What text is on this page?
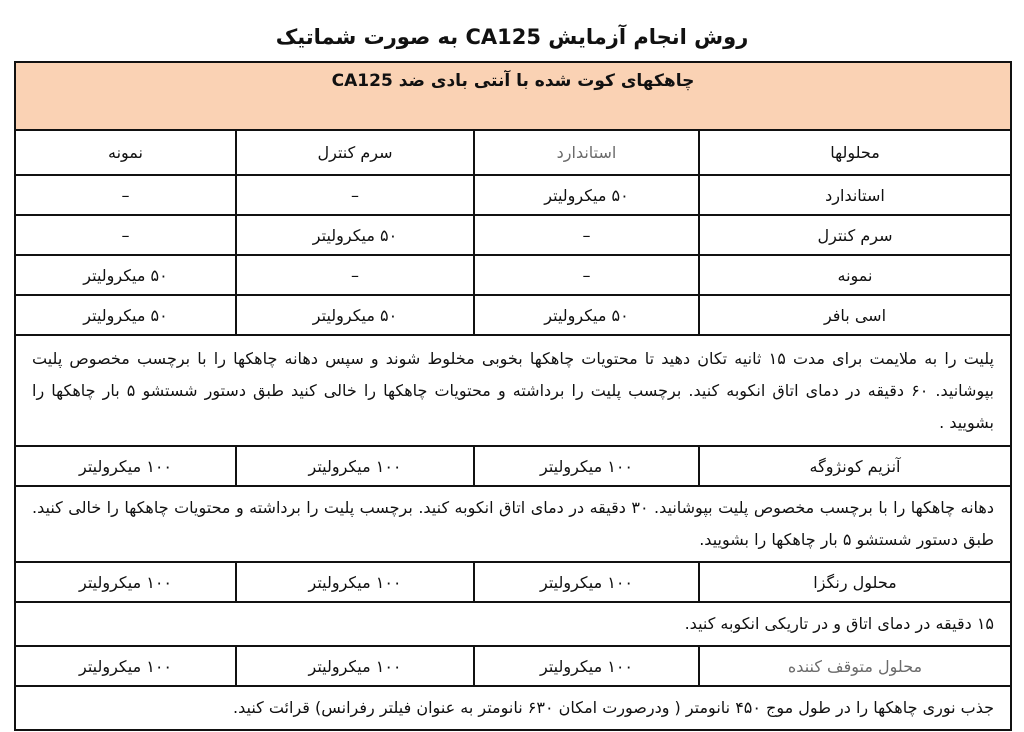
روش انجام آزمایش CA125 به صورت شماتیک
چاهکهای کوت شده با آنتی بادی ضد CA125			
محلولها	استاندارد	سرم کنترل	نمونه
استاندارد	۵۰ میکرولیتر	–	–
سرم کنترل	–	۵۰ میکرولیتر	–
نمونه	–	–	۵۰ میکرولیتر
اسی بافر	۵۰ میکرولیتر	۵۰ میکرولیتر	۵۰ میکرولیتر
پلیت را به ملایمت برای مدت ۱۵ ثانیه تکان دهید تا محتویات چاهکها بخوبی مخلوط شوند و سپس دهانه چاهکها را با برچسب مخصوص پلیت بپوشانید. ۶۰ دقیقه در دمای اتاق انکوبه کنید. برچسب پلیت را برداشته و محتویات چاهکها را خالی کنید طبق دستور شستشو ۵ بار چاهکها را بشویید .			
آنزیم کونژوگه	۱۰۰ میکرولیتر	۱۰۰ میکرولیتر	۱۰۰ میکرولیتر
دهانه چاهکها را با برچسب مخصوص پلیت بپوشانید. ۳۰ دقیقه در دمای اتاق انکوبه کنید. برچسب پلیت را برداشته و محتویات چاهکها را خالی کنید. طبق دستور شستشو ۵ بار چاهکها را بشویید.			
محلول رنگزا	۱۰۰ میکرولیتر	۱۰۰ میکرولیتر	۱۰۰ میکرولیتر
۱۵ دقیقه در دمای اتاق و در تاریکی انکوبه کنید.			
محلول متوقف کننده	۱۰۰ میکرولیتر	۱۰۰ میکرولیتر	۱۰۰ میکرولیتر
جذب نوری چاهکها را در طول موج ۴۵۰ نانومتر ( ودرصورت امکان ۶۳۰ نانومتر به عنوان فیلتر رفرانس) قرائت کنید.			
